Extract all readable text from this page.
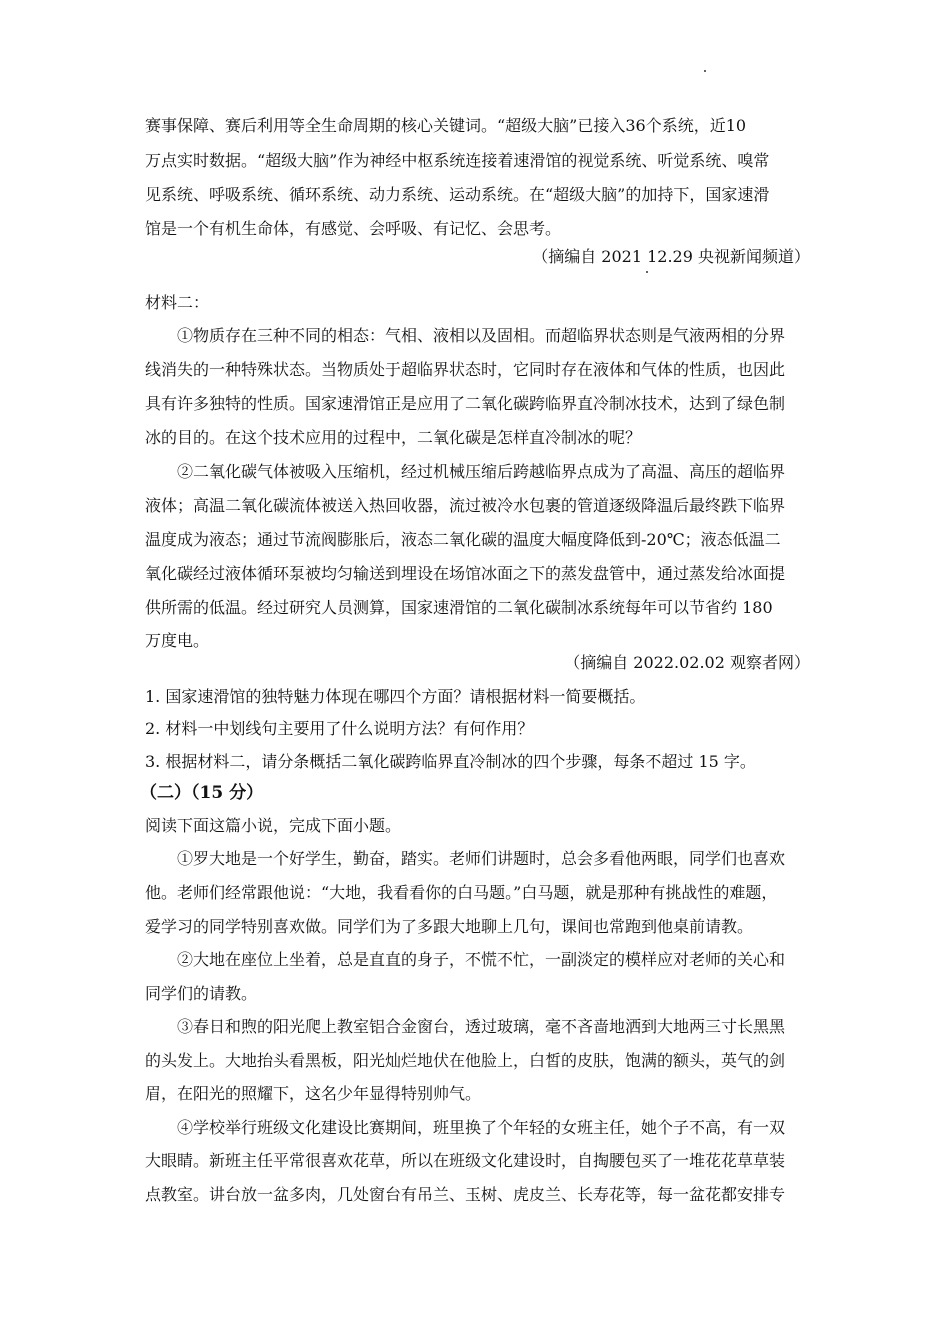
赛事保障、赛后利用等全生命周期的核心关键词。“超级大脑”已接入36个系统，近10
万点实时数据。“超级大脑”作为神经中枢系统连接着速滑馆的视觉系统、听觉系统、嗅常
见系统、呼吸系统、循环系统、动力系统、运动系统。在“超级大脑”的加持下，国家速滑
馆是一个有机生命体，有感觉、会呼吸、有记忆、会思考。
（摘编自 2021 12.29 央视新闻频道）
材料二：
①物质存在三种不同的相态：气相、液相以及固相。而超临界状态则是气液两相的分界
线消失的一种特殊状态。当物质处于超临界状态时，它同时存在液体和气体的性质，也因此
具有许多独特的性质。国家速滑馆正是应用了二氧化碳跨临界直冷制冰技术，达到了绿色制
冰的目的。在这个技术应用的过程中，二氧化碳是怎样直冷制冰的呢？
②二氧化碳气体被吸入压缩机，经过机械压缩后跨越临界点成为了高温、高压的超临界
液体；高温二氧化碳流体被送入热回收器，流过被冷水包裹的管道逐级降温后最终跌下临界
温度成为液态；通过节流阀膨胀后，液态二氧化碳的温度大幅度降低到-20℃；液态低温二
氧化碳经过液体循环泵被均匀输送到埋设在场馆冰面之下的蒸发盘管中，通过蒸发给冰面提
供所需的低温。经过研究人员测算，国家速滑馆的二氧化碳制冰系统每年可以节省约 180
万度电。
（摘编自 2022.02.02 观察者网）
1. 国家速滑馆的独特魅力体现在哪四个方面？请根据材料一简要概括。
2. 材料一中划线句主要用了什么说明方法？有何作用？
3. 根据材料二，请分条概括二氧化碳跨临界直冷制冰的四个步骤，每条不超过 15 字。
（二）（15 分）
阅读下面这篇小说，完成下面小题。
①罗大地是一个好学生，勤奋，踏实。老师们讲题时，总会多看他两眼，同学们也喜欢
他。老师们经常跟他说：“大地，我看看你的白马题。”白马题，就是那种有挑战性的难题，
爱学习的同学特别喜欢做。同学们为了多跟大地聊上几句，课间也常跑到他桌前请教。
②大地在座位上坐着，总是直直的身子，不慌不忙，一副淡定的模样应对老师的关心和
同学们的请教。
③春日和煦的阳光爬上教室铝合金窗台，透过玻璃，毫不吝啬地洒到大地两三寸长黑黑
的头发上。大地抬头看黑板，阳光灿烂地伏在他脸上，白皙的皮肤，饱满的额头，英气的剑
眉，在阳光的照耀下，这名少年显得特别帅气。
④学校举行班级文化建设比赛期间，班里换了个年轻的女班主任，她个子不高，有一双
大眼睛。新班主任平常很喜欢花草，所以在班级文化建设时，自掏腰包买了一堆花花草草装
点教室。讲台放一盆多肉，几处窗台有吊兰、玉树、虎皮兰、长寿花等，每一盆花都安排专
